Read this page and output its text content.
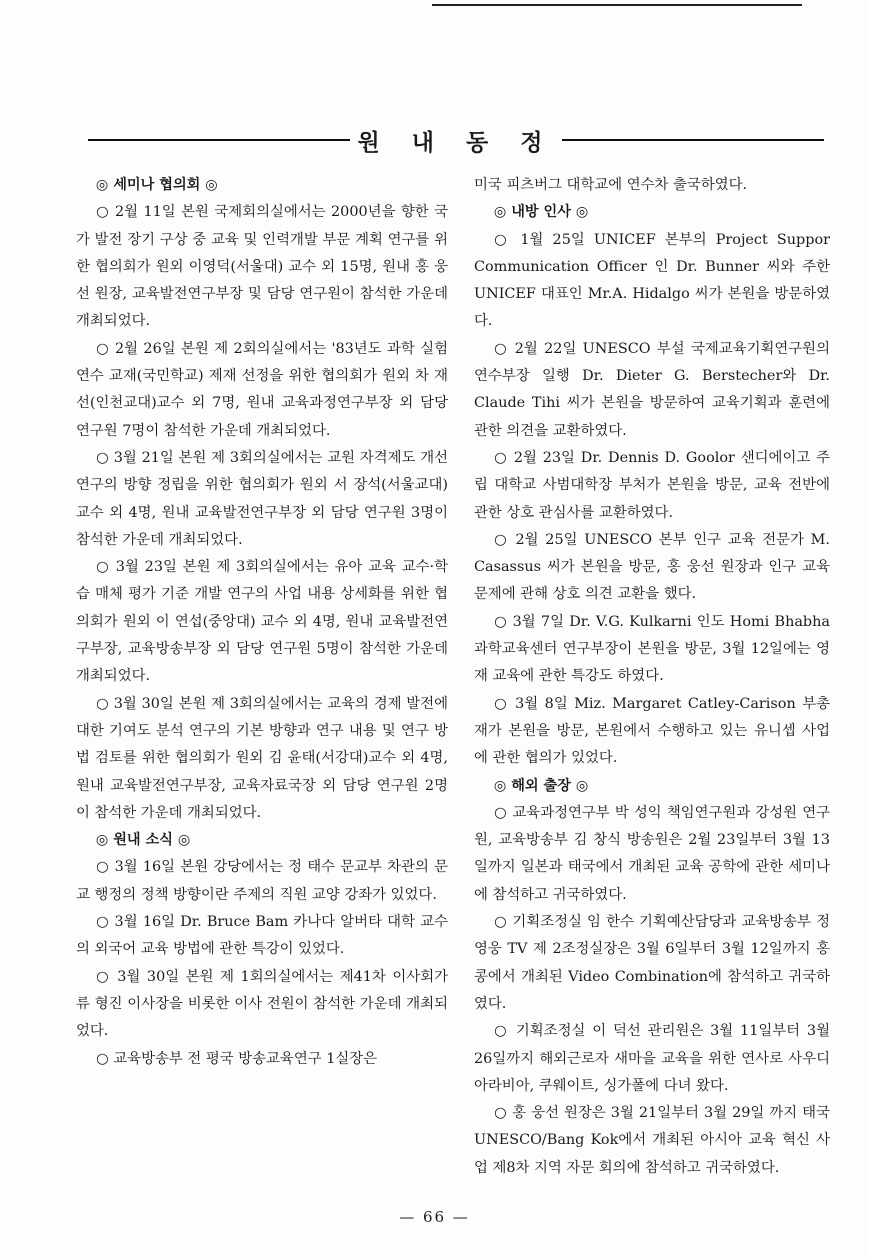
원 내 동 정

◎ 세미나 협의회 ◎

○ 2월 11일 본원 국제회의실에서는 2000년을 향한 국가 발전 장기 구상 중 교육 및 인력개발 부문 계획 연구를 위한 협의회가 원외 이영덕(서울대) 교수 외 15명, 원내 홍 웅선 원장, 교육발전연구부장 및 담당 연구원이 참석한 가운데 개최되었다.

○ 2월 26일 본원 제 2회의실에서는 '83년도 과학 실험 연수 교재(국민학교) 제재 선정을 위한 협의회가 원외 차 재선(인천교대)교수 외 7명, 원내 교육과정연구부장 외 담당 연구원 7명이 참석한 가운데 개최되었다.

○ 3월 21일 본원 제 3회의실에서는 교원 자격제도 개선 연구의 방향 정립을 위한 협의회가 원외 서 장석(서울교대)교수 외 4명, 원내 교육발전연구부장 외 담당 연구원 3명이 참석한 가운데 개최되었다.

○ 3월 23일 본원 제 3회의실에서는 유아 교육 교수·학습 매체 평가 기준 개발 연구의 사업 내용 상세화를 위한 협의회가 원외 이 연섭(중앙대) 교수 외 4명, 원내 교육발전연구부장, 교육방송부장 외 담당 연구원 5명이 참석한 가운데 개최되었다.

○ 3월 30일 본원 제 3회의실에서는 교육의 경제 발전에 대한 기여도 분석 연구의 기본 방향과 연구 내용 및 연구 방법 검토를 위한 협의회가 원외 김 윤태(서강대)교수 외 4명, 원내 교육발전연구부장, 교육자료국장 외 담당 연구원 2명이 참석한 가운데 개최되었다.

◎ 원내 소식 ◎

○ 3월 16일 본원 강당에서는 정 태수 문교부 차관의 문교 행정의 정책 방향이란 주제의 직원 교양 강좌가 있었다.

○ 3월 16일 Dr. Bruce Bam 카나다 알버타 대학 교수의 외국어 교육 방법에 관한 특강이 있었다.

○ 3월 30일 본원 제 1회의실에서는 제41차 이사회가 류 형진 이사장을 비롯한 이사 전원이 참석한 가운데 개최되었다.

○ 교육방송부 전 평국 방송교육연구 1실장은

미국 피츠버그 대학교에 연수차 출국하였다.

◎ 내방 인사 ◎

○ 1월 25일 UNICEF 본부의 Project Suppor Communication Officer 인 Dr. Bunner 씨와 주한 UNICEF 대표인 Mr.A. Hidalgo 씨가 본원을 방문하였다.

○ 2월 22일 UNESCO 부설 국제교육기획연구원의 연수부장 일행 Dr. Dieter G. Berstecher와 Dr. Claude Tihi 씨가 본원을 방문하여 교육기획과 훈련에 관한 의견을 교환하였다.

○ 2월 23일 Dr. Dennis D. Goolor 샌디에이고 주립 대학교 사범대학장 부처가 본원을 방문, 교육 전반에 관한 상호 관심사를 교환하였다.

○ 2월 25일 UNESCO 본부 인구 교육 전문가 M. Casassus 씨가 본원을 방문, 홍 웅선 원장과 인구 교육 문제에 관해 상호 의견 교환을 했다.

○ 3월 7일 Dr. V.G. Kulkarni 인도 Homi Bhabha 과학교육센터 연구부장이 본원을 방문, 3월 12일에는 영재 교육에 관한 특강도 하였다.

○ 3월 8일 Miz. Margaret Catley-Carison 부총재가 본원을 방문, 본원에서 수행하고 있는 유니셉 사업에 관한 협의가 있었다.

◎ 해외 출장 ◎

○ 교육과정연구부 박 성익 책임연구원과 강성원 연구원, 교육방송부 김 창식 방송원은 2월 23일부터 3월 13일까지 일본과 태국에서 개최된 교육 공학에 관한 세미나에 참석하고 귀국하였다.

○ 기획조정실 임 한수 기획예산담당과 교육방송부 정 영웅 TV 제 2조정실장은 3월 6일부터 3월 12일까지 홍콩에서 개최된 Video Combination에 참석하고 귀국하였다.

○ 기획조정실 이 덕선 관리원은 3월 11일부터 3월 26일까지 해외근로자 새마을 교육을 위한 연사로 사우디아라비아, 쿠웨이트, 싱가폴에 다녀 왔다.

○ 홍 웅선 원장은 3월 21일부터 3월 29일 까지 태국 UNESCO/Bang Kok에서 개최된 아시아 교육 혁신 사업 제8차 지역 자문 회의에 참석하고 귀국하였다.

— 66 —
